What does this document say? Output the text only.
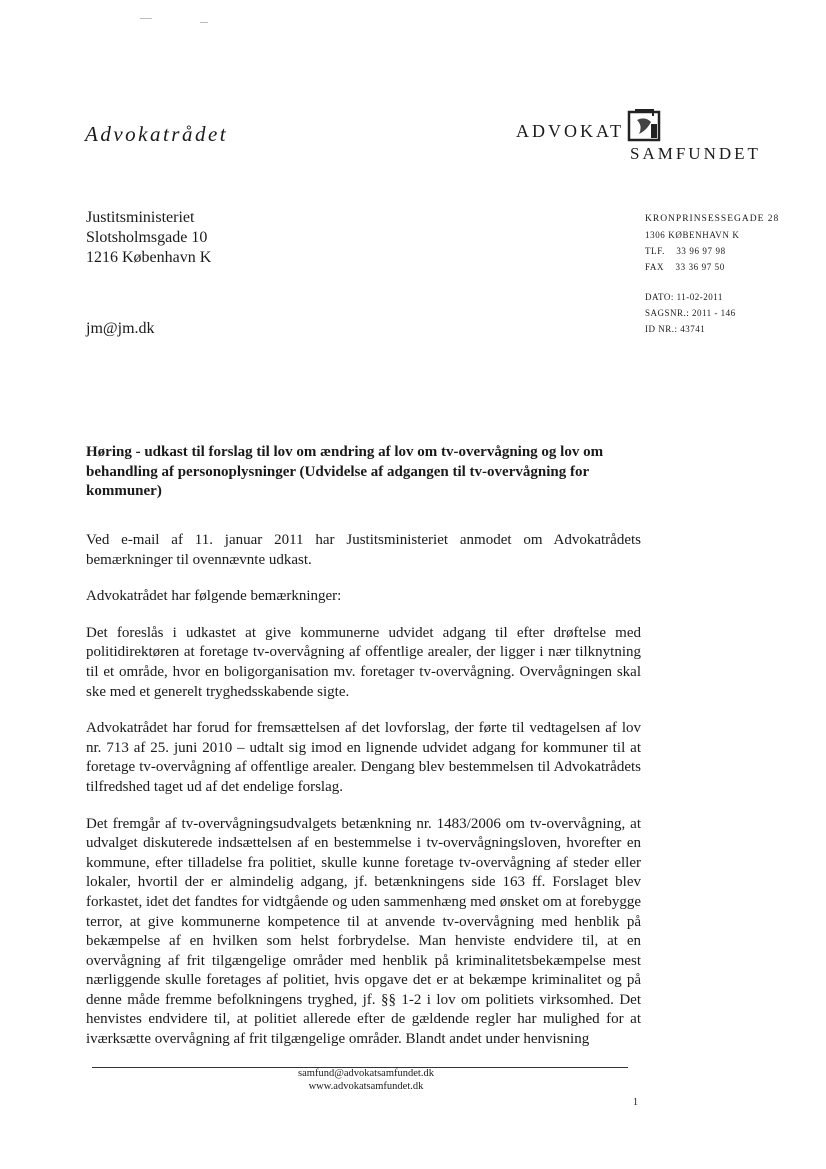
Advokatrådet	ADVOKAT
SAMFUNDET
Justitsministeriet
Slotsholmsgade 10
1216 København K
jm@jm.dk
KRONPRINSESSEGADE 28
1306 KØBENHAVN K
TLF.    33 96 97 98
FAX    33 36 97 50
DATO: 11-02-2011
SAGSNR.: 2011 - 146
ID NR.: 43741
Høring - udkast til forslag til lov om ændring af lov om tv-overvågning og lov om behandling af personoplysninger (Udvidelse af adgangen til tv-overvågning for kommuner)

Ved e-mail af 11. januar 2011 har Justitsministeriet anmodet om Advokatrådets bemærkninger til ovennævnte udkast.

Advokatrådet har følgende bemærkninger:

Det foreslås i udkastet at give kommunerne udvidet adgang til efter drøftelse med politidirektøren at foretage tv-overvågning af offentlige arealer, der ligger i nær tilknytning til et område, hvor en boligorganisation mv. foretager tv-overvågning. Overvågningen skal ske med et generelt tryghedsskabende sigte.

Advokatrådet har forud for fremsættelsen af det lovforslag, der førte til vedtagelsen af lov nr. 713 af 25. juni 2010 – udtalt sig imod en lignende udvidet adgang for kommuner til at foretage tv-overvågning af offentlige arealer. Dengang blev bestemmelsen til Advokatrådets tilfredshed taget ud af det endelige forslag.

Det fremgår af tv-overvågningsudvalgets betænkning nr. 1483/2006 om tv-overvågning, at udvalget diskuterede indsættelsen af en bestemmelse i tv-overvågningsloven, hvorefter en kommune, efter tilladelse fra politiet, skulle kunne foretage tv-overvågning af steder eller lokaler, hvortil der er almindelig adgang, jf. betænkningens side 163 ff. Forslaget blev forkastet, idet det fandtes for vidtgående og uden sammenhæng med ønsket om at forebygge terror, at give kommunerne kompetence til at anvende tv-overvågning med henblik på bekæmpelse af en hvilken som helst forbrydelse. Man henviste endvidere til, at en overvågning af frit tilgængelige områder med henblik på kriminalitetsbekæmpelse mest nærliggende skulle foretages af politiet, hvis opgave det er at bekæmpe kriminalitet og på denne måde fremme befolkningens tryghed, jf. §§ 1-2 i lov om politiets virksomhed. Det henvistes endvidere til, at politiet allerede efter de gældende regler har mulighed for at iværksætte overvågning af frit tilgængelige områder. Blandt andet under henvisning

samfund@advokatsamfundet.dk
www.advokatsamfundet.dk
1
